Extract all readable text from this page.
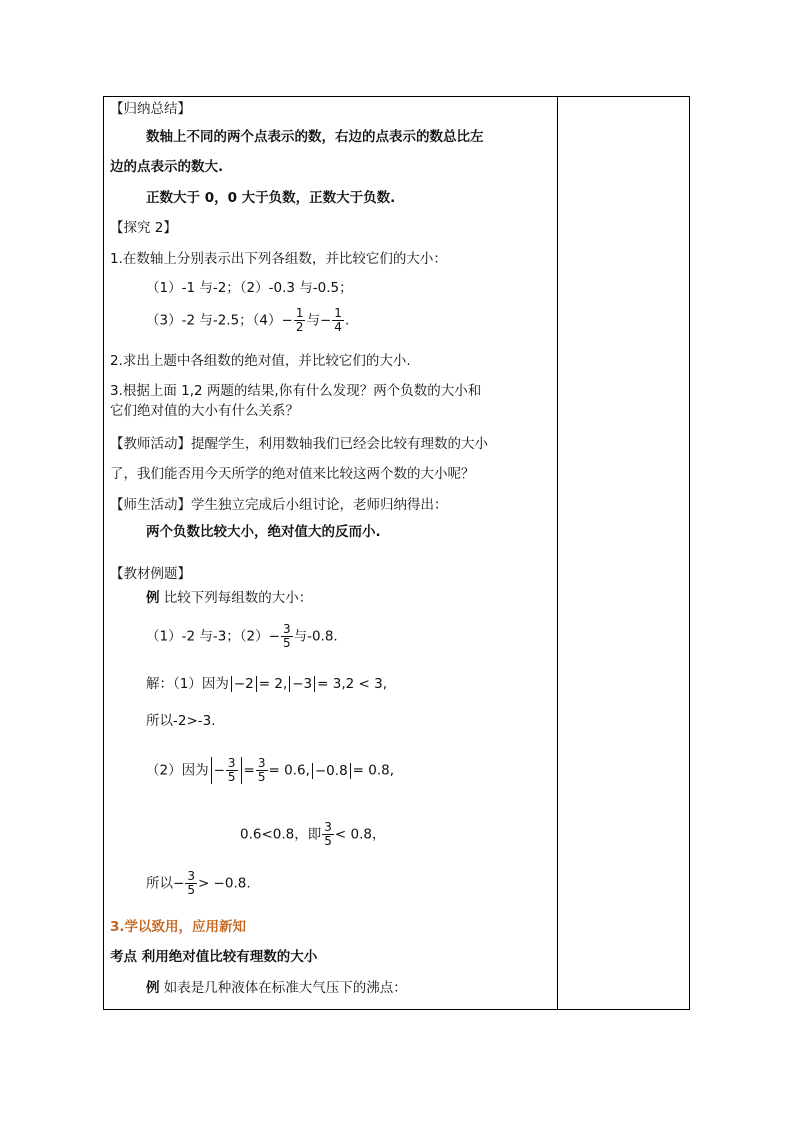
【归纳总结】
数轴上不同的两个点表示的数，右边的点表示的数总比左
边的点表示的数大.
正数大于 0，0 大于负数，正数大于负数.
【探究 2】
1.在数轴上分别表示出下列各组数，并比较它们的大小：
（1）-1 与-2；（2）-0.3 与-0.5；
（3）-2 与-2.5；$(4)- \frac{1}{2}$ 与− $\frac{1}{4}$ .
2.求出上题中各组数的绝对值，并比较它们的大小.
3.根据上面 1,2 两题的结果,你有什么发现？两个负数的大小和
它们绝对值的大小有什么关系？
【教师活动】提醒学生，利用数轴我们已经会比较有理数的大小
了，我们能否用今天所学的绝对值来比较这两个数的大小呢？
【师生活动】学生独立完成后小组讨论，老师归纳得出：
两个负数比较大小，绝对值大的反而小.
【教材例题】
例 比较下列每组数的大小：
（1）-2 与-3；$(2)- \frac{3}{5}$ 与-0.8.
解：（1）因为 −2 = 2, −3 = 3,2 < 3,
所以-2>-3.
（2）因为 − $\frac{3}{5} = \frac{3}{5} = 0.6$, −0.8 = 0.8,
0.6<0.8，即 $\frac{3}{5} < 0.8$，
所以− $\frac{3}{5} > -0.8$.
3.学以致用，应用新知
考点 利用绝对值比较有理数的大小
例 如表是几种液体在标准大气压下的沸点：
